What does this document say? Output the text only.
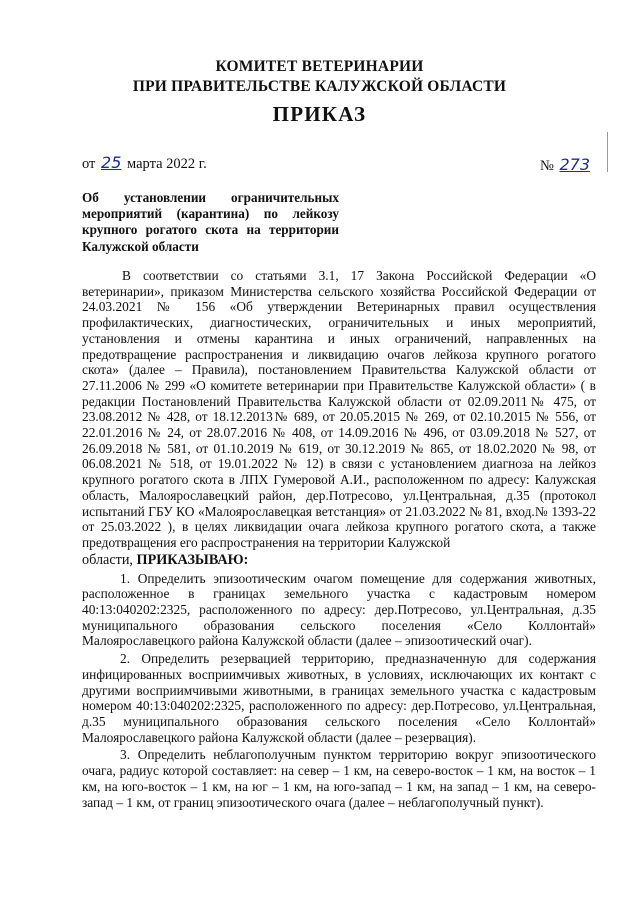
КОМИТЕТ ВЕТЕРИНАРИИ
ПРИ ПРАВИТЕЛЬСТВЕ КАЛУЖСКОЙ ОБЛАСТИ
ПРИКАЗ
от 25 марта 2022 г.	№ 273
Об установлении ограничительных мероприятий (карантина) по лейкозу крупного рогатого скота на территории Калужской области

В соответствии со статьями 3.1, 17 Закона Российской Федерации «О ветеринарии», приказом Министерства сельского хозяйства Российской Федерации от 24.03.2021 № 156 «Об утверждении Ветеринарных правил осуществления профилактических, диагностических, ограничительных и иных мероприятий, установления и отмены карантина и иных ограничений, направленных на предотвращение распространения и ликвидацию очагов лейкоза крупного рогатого скота» (далее – Правила), постановлением Правительства Калужской области от 27.11.2006 № 299 «О комитете ветеринарии при Правительстве Калужской области» ( в редакции Постановлений Правительства Калужской области от 02.09.2011№ 475, от 23.08.2012 № 428, от 18.12.2013№ 689, от 20.05.2015 № 269, от 02.10.2015 № 556, от 22.01.2016 № 24, от 28.07.2016 № 408, от 14.09.2016 № 496, от 03.09.2018 № 527, от 26.09.2018 № 581, от 01.10.2019 № 619, от 30.12.2019 № 865, от 18.02.2020 № 98, от 06.08.2021 № 518, от 19.01.2022 № 12) в связи с установлением диагноза на лейкоз крупного рогатого скота в ЛПХ Гумеровой А.И., расположенном по адресу: Калужская область, Малоярославецкий район, дер.Потресово, ул.Центральная, д.35 (протокол испытаний ГБУ КО «Малоярославецкая ветстанция» от 21.03.2022 № 81, вход.№ 1393-22 от 25.03.2022 ), в целях ликвидации очага лейкоза крупного рогатого скота, а также предотвращения его распространения на территории Калужской

области, ПРИКАЗЫВАЮ:

1. Определить эпизоотическим очагом помещение для содержания животных, расположенное в границах земельного участка с кадастровым номером 40:13:040202:2325, расположенного по адресу: дер.Потресово, ул.Центральная, д.35 муниципального образования сельского поселения «Село Коллонтай» Малоярославецкого района Калужской области (далее – эпизоотический очаг).

2. Определить резервацией территорию, предназначенную для содержания инфицированных восприимчивых животных, в условиях, исключающих их контакт с другими восприимчивыми животными, в границах земельного участка с кадастровым номером 40:13:040202:2325, расположенного по адресу: дер.Потресово, ул.Центральная, д.35 муниципального образования сельского поселения «Село Коллонтай» Малоярославецкого района Калужской области (далее – резервация).

3. Определить неблагополучным пунктом территорию вокруг эпизоотического очага, радиус которой составляет: на север – 1 км, на северо-восток – 1 км, на восток – 1 км, на юго-восток – 1 км, на юг – 1 км, на юго-запад – 1 км, на запад – 1 км, на северо-запад – 1 км, от границ эпизоотического очага (далее – неблагополучный пункт).
